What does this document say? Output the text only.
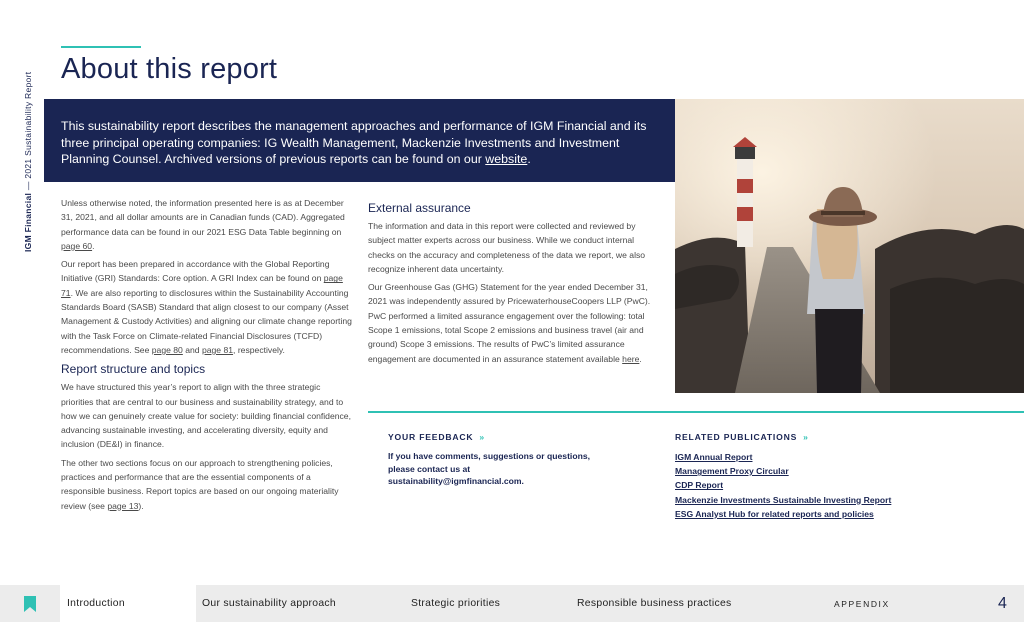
IGM Financial — 2021 Sustainability Report
About this report
This sustainability report describes the management approaches and performance of IGM Financial and its three principal operating companies: IG Wealth Management, Mackenzie Investments and Investment Planning Counsel. Archived versions of previous reports can be found on our website.

Unless otherwise noted, the information presented here is as at December 31, 2021, and all dollar amounts are in Canadian funds (CAD). Aggregated performance data can be found in our 2021 ESG Data Table beginning on page 60.

Our report has been prepared in accordance with the Global Reporting Initiative (GRI) Standards: Core option. A GRI Index can be found on page 71. We are also reporting to disclosures within the Sustainability Accounting Standards Board (SASB) Standard that align closest to our company (Asset Management & Custody Activities) and aligning our climate change reporting with the Task Force on Climate-related Financial Disclosures (TCFD) recommendations. See page 80 and page 81, respectively.

Report structure and topics

We have structured this year’s report to align with the three strategic priorities that are central to our business and sustainability strategy, and to how we can genuinely create value for society: building financial confidence, advancing sustainable investing, and accelerating diversity, equity and inclusion (DE&I) in finance.

The other two sections focus on our approach to strengthening policies, practices and performance that are the essential components of a responsible business. Report topics are based on our ongoing materiality review (see page 13).

External assurance

The information and data in this report were collected and reviewed by subject matter experts across our business. While we conduct internal checks on the accuracy and completeness of the data we report, we also recognize inherent data uncertainty.

Our Greenhouse Gas (GHG) Statement for the year ended December 31, 2021 was independently assured by PricewaterhouseCoopers LLP (PwC). PwC performed a limited assurance engagement over the following: total Scope 1 emissions, total Scope 2 emissions and business travel (air and ground) Scope 3 emissions. The results of PwC’s limited assurance engagement are documented in an assurance statement available here.

YOUR FEEDBACK »
If you have comments, suggestions or questions, please contact us at sustainability@igmfinancial.com.
RELATED PUBLICATIONS »
IGM Annual Report
Management Proxy Circular
CDP Report
Mackenzie Investments Sustainable Investing Report
ESG Analyst Hub for related reports and policies
Introduction	Our sustainability approach	Strategic priorities	Responsible business practices	APPENDIX	4
